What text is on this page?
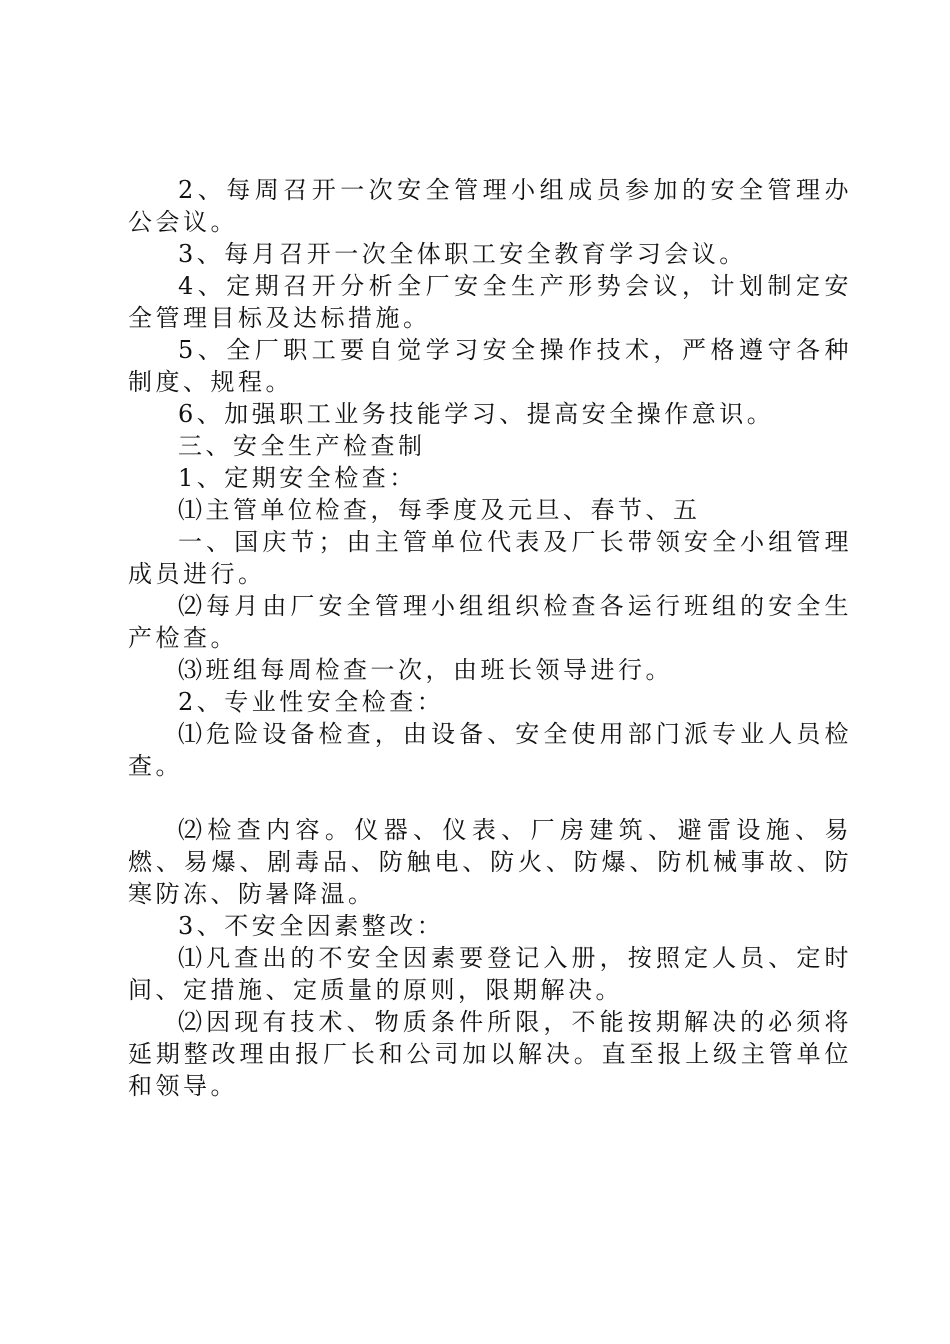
2、每周召开一次安全管理小组成员参加的安全管理办公会议。

3、每月召开一次全体职工安全教育学习会议。

4、定期召开分析全厂安全生产形势会议，计划制定安全管理目标及达标措施。

5、全厂职工要自觉学习安全操作技术，严格遵守各种制度、规程。

6、加强职工业务技能学习、提高安全操作意识。

三、安全生产检查制

1、定期安全检查：

⑴主管单位检查，每季度及元旦、春节、五

一、国庆节；由主管单位代表及厂长带领安全小组管理成员进行。

⑵每月由厂安全管理小组组织检查各运行班组的安全生产检查。

⑶班组每周检查一次，由班长领导进行。

2、专业性安全检查：

⑴危险设备检查，由设备、安全使用部门派专业人员检查。

⑵检查内容。仪器、仪表、厂房建筑、避雷设施、易燃、易爆、剧毒品、防触电、防火、防爆、防机械事故、防寒防冻、防暑降温。

3、不安全因素整改：

⑴凡查出的不安全因素要登记入册，按照定人员、定时间、定措施、定质量的原则，限期解决。

⑵因现有技术、物质条件所限，不能按期解决的必须将延期整改理由报厂长和公司加以解决。直至报上级主管单位和领导。
